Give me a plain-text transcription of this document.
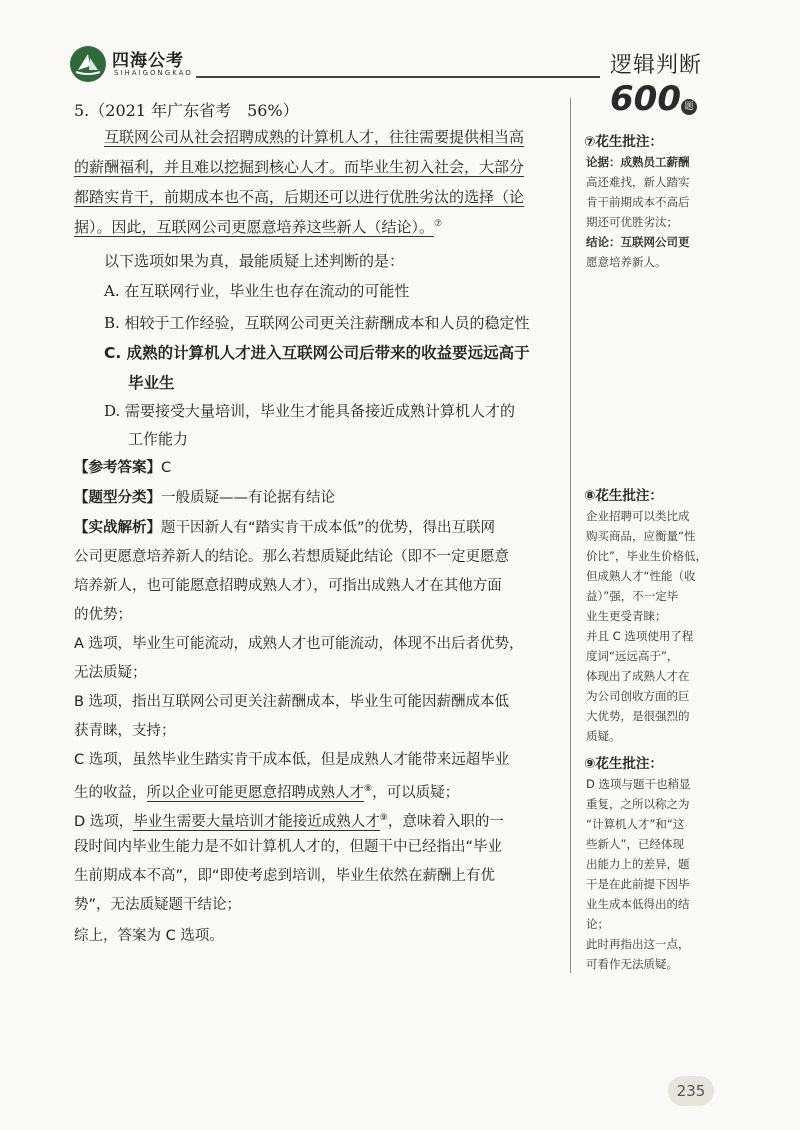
四海公考
SIHAIGONGKAO	逻辑判断600 题
5.（2021 年广东省考　56%）
互联网公司从社会招聘成熟的计算机人才，往往需要提供相当高
的薪酬福利，并且难以挖掘到核心人才。而毕业生初入社会，大部分
都踏实肯干，前期成本也不高，后期还可以进行优胜劣汰的选择（论
据）。因此，互联网公司更愿意培养这些新人（结论）。⑦
以下选项如果为真，最能质疑上述判断的是：
A. 在互联网行业，毕业生也存在流动的可能性
B. 相较于工作经验，互联网公司更关注薪酬成本和人员的稳定性
C. 成熟的计算机人才进入互联网公司后带来的收益要远远高于
毕业生
D. 需要接受大量培训，毕业生才能具备接近成熟计算机人才的
工作能力
【参考答案】C
【题型分类】一般质疑——有论据有结论
【实战解析】题干因新人有“踏实肯干成本低”的优势，得出互联网
公司更愿意培养新人的结论。那么若想质疑此结论（即不一定更愿意
培养新人，也可能愿意招聘成熟人才），可指出成熟人才在其他方面
的优势；
A 选项，毕业生可能流动，成熟人才也可能流动，体现不出后者优势，
无法质疑；
B 选项，指出互联网公司更关注薪酬成本，毕业生可能因薪酬成本低
获青睐，支持；
C 选项，虽然毕业生踏实肯干成本低，但是成熟人才能带来远超毕业
生的收益，所以企业可能更愿意招聘成熟人才⑧，可以质疑；
D 选项，毕业生需要大量培训才能接近成熟人才⑨，意味着入职的一
段时间内毕业生能力是不如计算机人才的，但题干中已经指出“毕业
生前期成本不高”，即“即使考虑到培训，毕业生依然在薪酬上有优
势”，无法质疑题干结论；
综上，答案为 C 选项。
⑦花生批注：
论据：成熟员工薪酬
高还难找，新人踏实
肯干前期成本不高后
期还可优胜劣汰；
结论：互联网公司更
愿意培养新人。
⑧花生批注：
企业招聘可以类比成
购买商品，应衡量“性
价比”，毕业生价格低，
但成熟人才“性能（收
益）”强，不一定毕
业生更受青睐；
并且 C 选项使用了程
度词“远远高于”，
体现出了成熟人才在
为公司创收方面的巨
大优势，是很强烈的
质疑。
⑨花生批注：
D 选项与题干也稍显
重复，之所以称之为
“计算机人才”和“这
些新人”，已经体现
出能力上的差异，题
干是在此前提下因毕
业生成本低得出的结
论；
此时再指出这一点，
可看作无法质疑。
235
